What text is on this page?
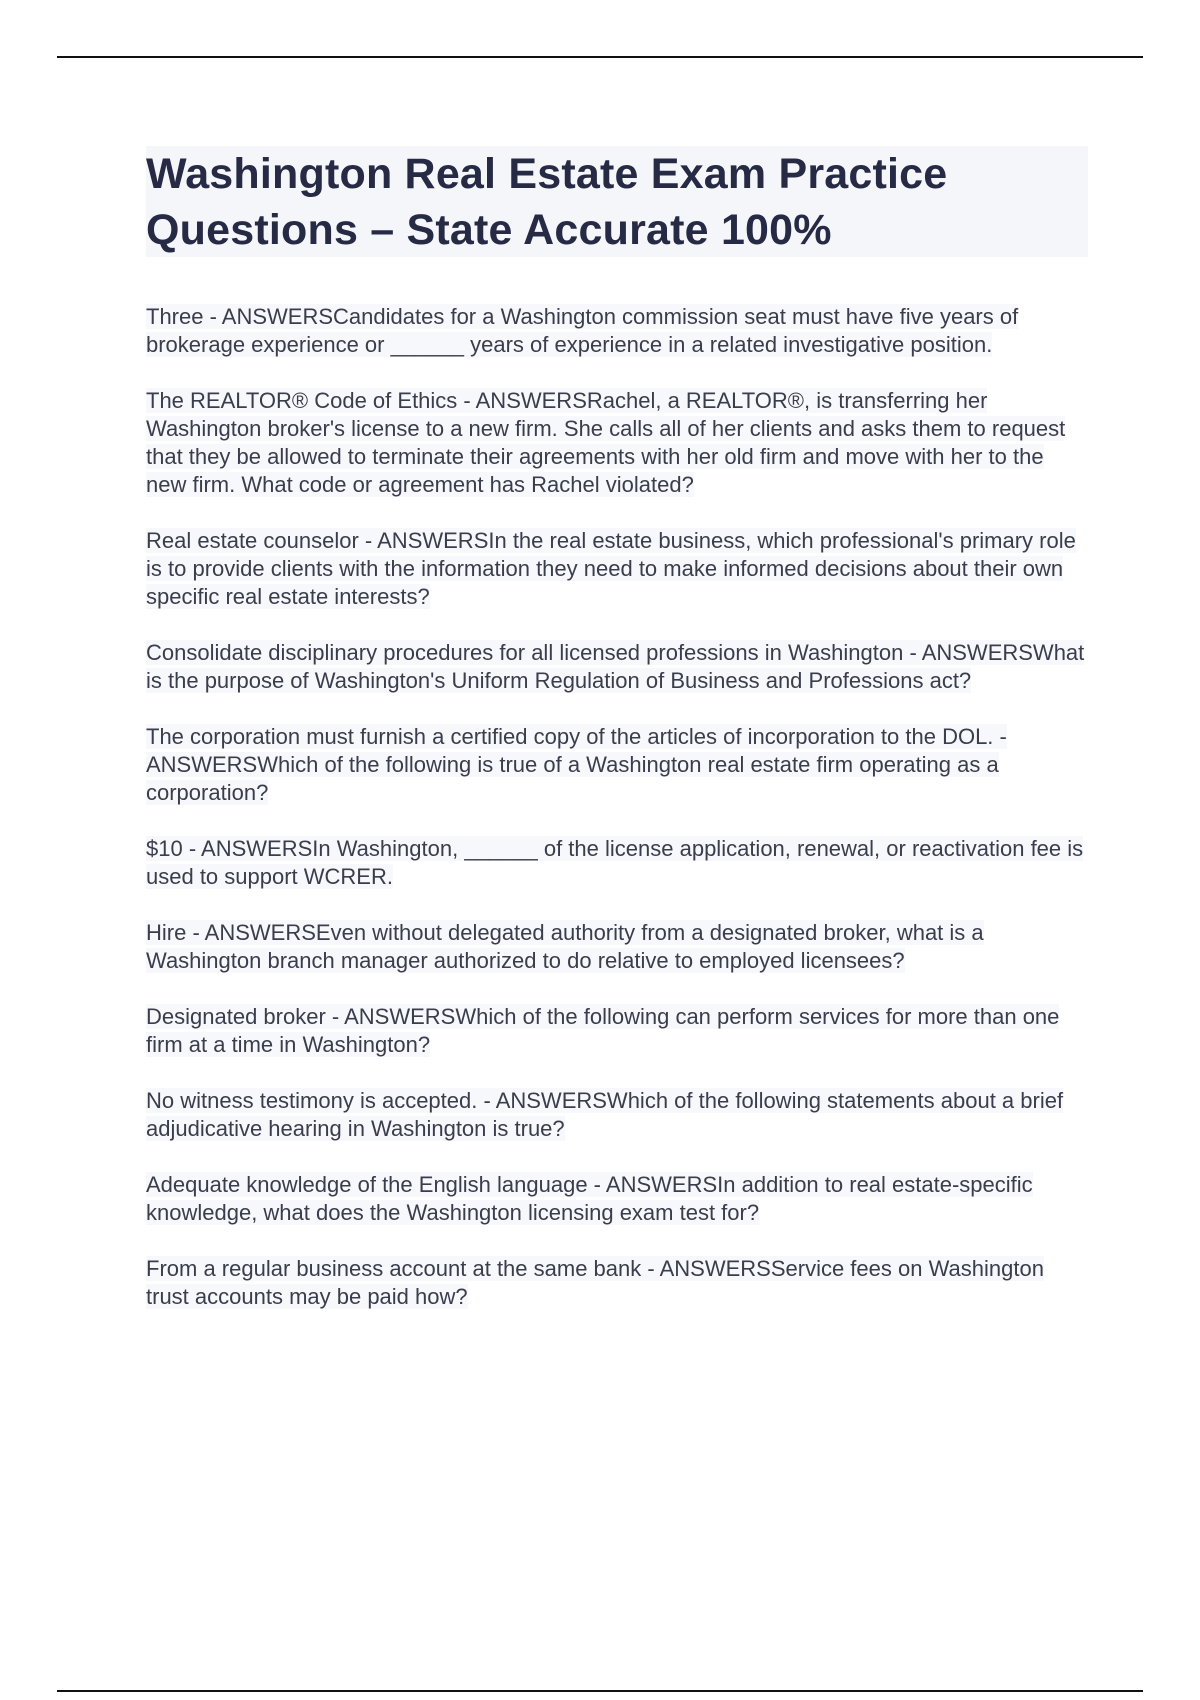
Washington Real Estate Exam Practice Questions – State Accurate 100%
Three - ANSWERSCandidates for a Washington commission seat must have five years of brokerage experience or ______ years of experience in a related investigative position.
The REALTOR® Code of Ethics - ANSWERSRachel, a REALTOR®, is transferring her Washington broker's license to a new firm. She calls all of her clients and asks them to request that they be allowed to terminate their agreements with her old firm and move with her to the new firm. What code or agreement has Rachel violated?
Real estate counselor - ANSWERSIn the real estate business, which professional's primary role is to provide clients with the information they need to make informed decisions about their own specific real estate interests?
Consolidate disciplinary procedures for all licensed professions in Washington - ANSWERSWhat is the purpose of Washington's Uniform Regulation of Business and Professions act?
The corporation must furnish a certified copy of the articles of incorporation to the DOL. - ANSWERSWhich of the following is true of a Washington real estate firm operating as a corporation?
$10 - ANSWERSIn Washington, ______ of the license application, renewal, or reactivation fee is used to support WCRER.
Hire - ANSWERSEven without delegated authority from a designated broker, what is a Washington branch manager authorized to do relative to employed licensees?
Designated broker - ANSWERSWhich of the following can perform services for more than one firm at a time in Washington?
No witness testimony is accepted. - ANSWERSWhich of the following statements about a brief adjudicative hearing in Washington is true?
Adequate knowledge of the English language - ANSWERSIn addition to real estate-specific knowledge, what does the Washington licensing exam test for?
From a regular business account at the same bank - ANSWERSService fees on Washington trust accounts may be paid how?
